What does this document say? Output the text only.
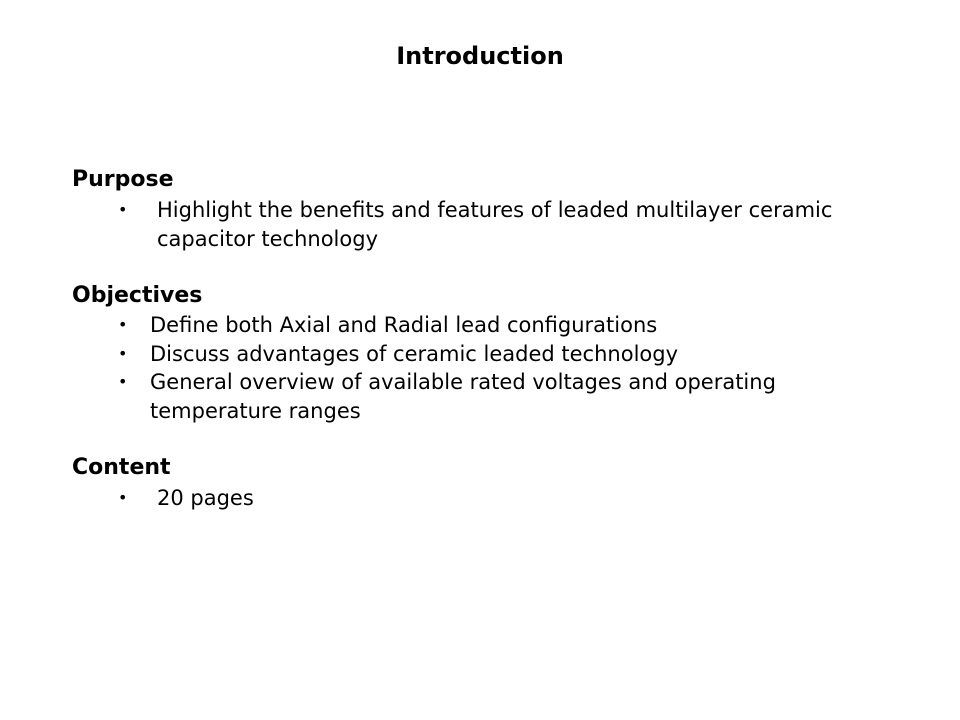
Introduction
Purpose
• Highlight the benefits and features of leaded multilayer ceramic capacitor technology
Objectives
• Define both Axial and Radial lead configurations
• Discuss advantages of ceramic leaded technology
• General overview of available rated voltages and operating temperature ranges
Content
• 20 pages
